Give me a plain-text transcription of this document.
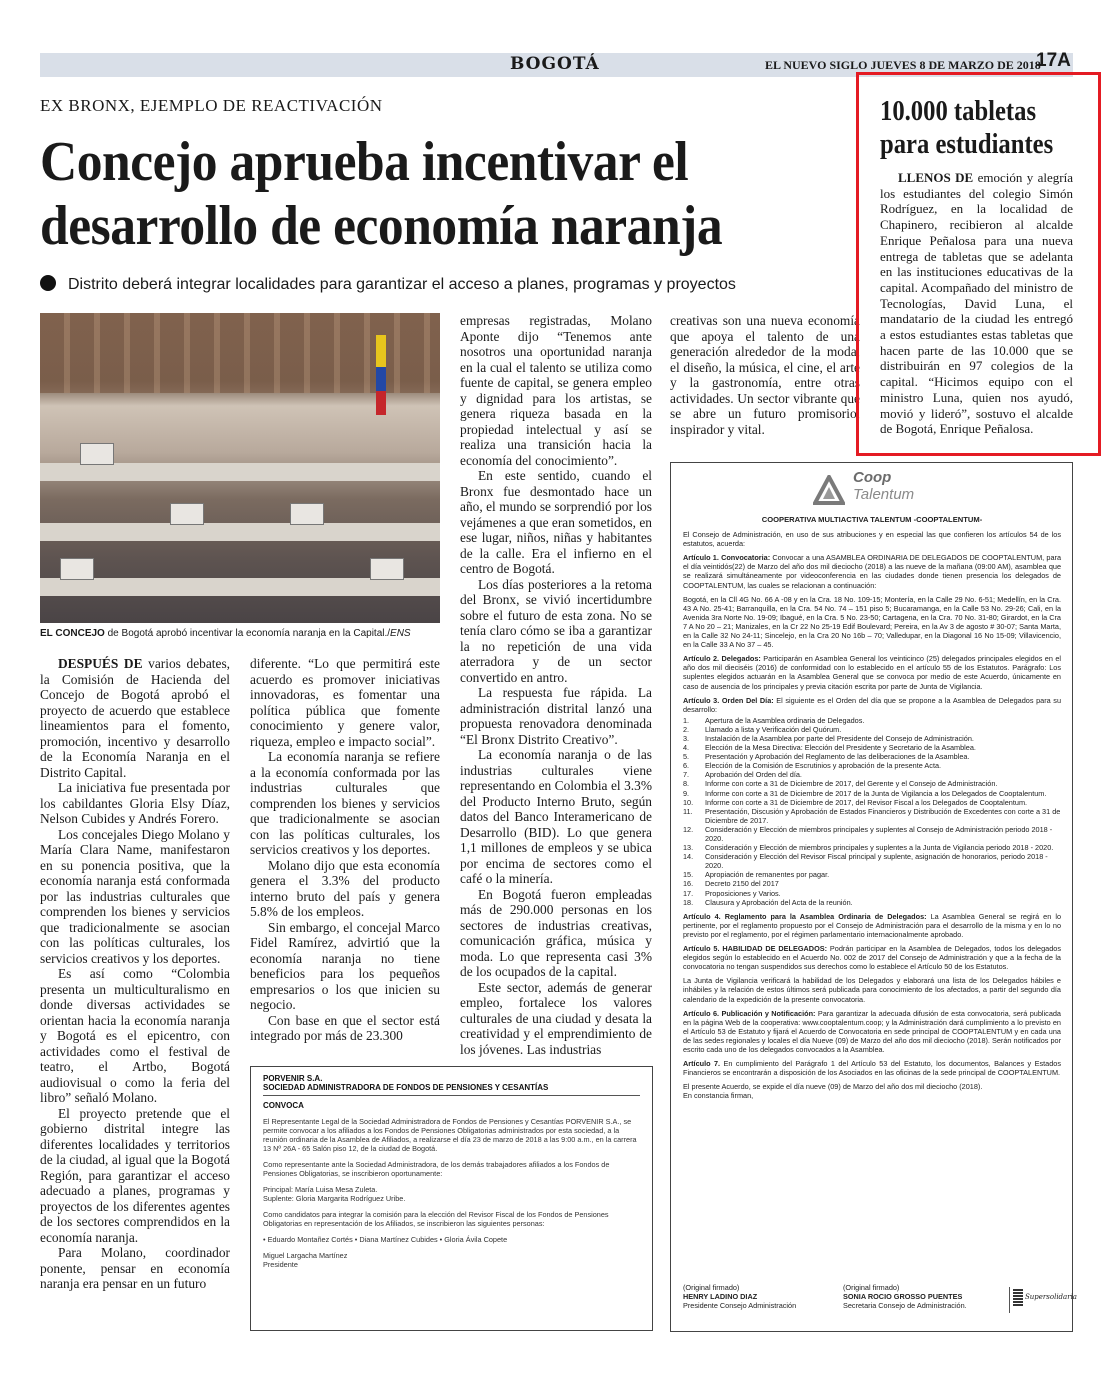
BOGOTÁ	EL NUEVO SIGLO JUEVES 8 DE MARZO DE 2018
17A
EX BRONX, EJEMPLO DE REACTIVACIÓN
Concejo aprueba incentivar el desarrollo de economía naranja
Distrito deberá integrar localidades para garantizar el acceso a planes, programas y proyectos
EL CONCEJO de Bogotá aprobó incentivar la economía naranja en la Capital./ENS

DESPUÉS DE varios debates, la Comisión de Hacienda del Concejo de Bogotá aprobó el proyecto de acuerdo que establece lineamientos para el fomento, promoción, incentivo y desarrollo de la Economía Naranja en el Distrito Capital.

La iniciativa fue presentada por los cabildantes Gloria Elsy Díaz, Nelson Cubides y Andrés Forero.

Los concejales Diego Molano y María Clara Name, manifestaron en su ponencia positiva, que la economía naranja está conformada por las industrias culturales que comprenden los bienes y servicios que tradicionalmente se asocian con las políticas culturales, los servicios creativos y los deportes.

Es así como “Colombia presenta un multiculturalismo en donde diversas actividades se orientan hacia la economía naranja y Bogotá es el epicentro, con actividades como el festival de teatro, el Artbo, Bogotá audiovisual o como la feria del libro” señaló Molano.

El proyecto pretende que el gobierno distrital integre las diferentes localidades y territorios de la ciudad, al igual que la Bogotá Región, para garantizar el acceso adecuado a planes, programas y proyectos de los diferentes agentes de los sectores comprendidos en la economía naranja.

Para Molano, coordinador ponente, pensar en economía naranja era pensar en un futuro

diferente. “Lo que permitirá este acuerdo es promover iniciativas innovadoras, es fomentar una política pública que fomente conocimiento y genere valor, riqueza, empleo e impacto social”.

La economía naranja se refiere a la economía conformada por las industrias culturales que comprenden los bienes y servicios que tradicionalmente se asocian con las políticas culturales, los servicios creativos y los deportes.

Molano dijo que esta economía genera el 3.3% del producto interno bruto del país y genera 5.8% de los empleos.

Sin embargo, el concejal Marco Fidel Ramírez, advirtió que la economía naranja no tiene beneficios para los pequeños empresarios o los que inicien su negocio.

Con base en que el sector está integrado por más de 23.300

empresas registradas, Molano Aponte dijo “Tenemos ante nosotros una oportunidad naranja en la cual el talento se utiliza como fuente de capital, se genera empleo y dignidad para los artistas, se genera riqueza basada en la propiedad intelectual y así se realiza una transición hacia la economía del conocimiento”.

En este sentido, cuando el Bronx fue desmontado hace un año, el mundo se sorprendió por los vejámenes a que eran sometidos, en ese lugar, niños, niñas y habitantes de la calle. Era el infierno en el centro de Bogotá.

Los días posteriores a la retoma del Bronx, se vivió incertidumbre sobre el futuro de esta zona. No se tenía claro cómo se iba a garantizar la no repetición de una vida aterradora y de un sector convertido en antro.

La respuesta fue rápida. La administración distrital lanzó una propuesta renovadora denominada “El Bronx Distrito Creativo”.

La economía naranja o de las industrias culturales viene representando en Colombia el 3.3% del Producto Interno Bruto, según datos del Banco Interamericano de Desarrollo (BID). Lo que genera 1,1 millones de empleos y se ubica por encima de sectores como el café o la minería.

En Bogotá fueron empleadas más de 290.000 personas en los sectores de industrias creativas, comunicación gráfica, música y moda. Lo que representa casi 3% de los ocupados de la capital.

Este sector, además de generar empleo, fortalece los valores culturales de una ciudad y desata la creatividad y el emprendimiento de los jóvenes. Las industrias

creativas son una nueva economía que apoya el talento de una generación alrededor de la moda, el diseño, la música, el cine, el arte y la gastronomía, entre otras actividades. Un sector vibrante que se abre un futuro promisorio, inspirador y vital.

10.000 tabletas para estudiantes

LLENOS DE emoción y alegría los estudiantes del colegio Simón Rodríguez, en la localidad de Chapinero, recibieron al alcalde Enrique Peñalosa para una nueva entrega de tabletas que se adelanta en las instituciones educativas de la capital. Acompañado del ministro de Tecnologías, David Luna, el mandatario de la ciudad les entregó a estos estudiantes estas tabletas que hacen parte de las 10.000 que se distribuirán en 97 colegios de la capital. “Hicimos equipo con el ministro Luna, quien nos ayudó, movió y lideró”, sostuvo el alcalde de Bogotá, Enrique Peñalosa.

PORVENIR S.A.
SOCIEDAD ADMINISTRADORA DE FONDOS DE PENSIONES Y CESANTÍAS

CONVOCA

El Representante Legal de la Sociedad Administradora de Fondos de Pensiones y Cesantías PORVENIR S.A., se permite convocar a los afiliados a los Fondos de Pensiones Obligatorias administrados por esta sociedad, a la reunión ordinaria de la Asamblea de Afiliados, a realizarse el día 23 de marzo de 2018 a las 9:00 a.m., en la carrera 13 Nº 26A - 65 Salón piso 12, de la ciudad de Bogotá.

Como representante ante la Sociedad Administradora, de los demás trabajadores afiliados a los Fondos de Pensiones Obligatorias, se inscribieron oportunamente:

Principal: María Luisa Mesa Zuleta.
Suplente: Gloria Margarita Rodríguez Uribe.

Como candidatos para integrar la comisión para la elección del Revisor Fiscal de los Fondos de Pensiones Obligatorias en representación de los Afiliados, se inscribieron las siguientes personas:

• Eduardo Montañez Cortés • Diana Martínez Cubides • Gloria Ávila Copete

Miguel Largacha Martínez
Presidente

Coop
Talentum
COOPERATIVA MULTIACTIVA TALENTUM -COOPTALENTUM-

El Consejo de Administración, en uso de sus atribuciones y en especial las que confieren los artículos 54 de los estatutos, acuerda:

Artículo 1. Convocatoria: Convocar a una ASAMBLEA ORDINARIA DE DELEGADOS DE COOPTALENTUM, para el día veintidós(22) de Marzo del año dos mil dieciocho (2018) a las nueve de la mañana (09:00 AM), asamblea que se realizará simultáneamente por videoconferencia en las ciudades donde tienen presencia los delegados de COOPTALENTUM, las cuales se relacionan a continuación:

Bogotá, en la Cll 4G No. 66 A -08 y en la Cra. 18 No. 109-15; Montería, en la Calle 29 No. 6-51; Medellín, en la Cra. 43 A No. 25-41; Barranquilla, en la Cra. 54 No. 74 – 151 piso 5; Bucaramanga, en la Calle 53 No. 29-26; Cali, en la Avenida 3ra Norte No. 19-09; Ibagué, en la Cra. 5 No. 23-50; Cartagena, en la Cra. 70 No. 31-80; Girardot, en la Cra 7 A No 20 – 21; Manizales, en la Cr 22 No 25-19 Edif Boulevard; Pereira, en la Av 3 de agosto # 30-07; Santa Marta, en la Calle 32 No 24-11; Sincelejo, en la Cra 20 No 16b – 70; Valledupar, en la Diagonal 16 No 15-09; Villavicencio, en la Calle 33 A No 37 – 45.

Artículo 2. Delegados: Participarán en Asamblea General los veinticinco (25) delegados principales elegidos en el año dos mil dieciséis (2016) de conformidad con lo establecido en el artículo 55 de los Estatutos. Parágrafo: Los suplentes elegidos actuarán en la Asamblea General que se convoca por medio de este Acuerdo, únicamente en caso de ausencia de los principales y previa citación escrita por parte de Junta de Vigilancia.

Artículo 3. Orden Del Día: El siguiente es el Orden del día que se propone a la Asamblea de Delegados para su desarrollo:

1. Apertura de la Asamblea ordinaria de Delegados.
2. Llamado a lista y Verificación del Quórum.
3. Instalación de la Asamblea por parte del Presidente del Consejo de Administración.
4. Elección de la Mesa Directiva: Elección del Presidente y Secretario de la Asamblea.
5. Presentación y Aprobación del Reglamento de las deliberaciones de la Asamblea.
6. Elección de la Comisión de Escrutinios y aprobación de la presente Acta.
7. Aprobación del Orden del día.
8. Informe con corte a 31 de Diciembre de 2017, del Gerente y el Consejo de Administración.
9. Informe con corte a 31 de Diciembre de 2017 de la Junta de Vigilancia a los Delegados de Cooptalentum.
10. Informe con corte a 31 de Diciembre de 2017, del Revisor Fiscal a los Delegados de Cooptalentum.
11. Presentación, Discusión y Aprobación de Estados Financieros y Distribución de Excedentes con corte a 31 de Diciembre de 2017.
12. Consideración y Elección de miembros principales y suplentes al Consejo de Administración periodo 2018 - 2020.
13. Consideración y Elección de miembros principales y suplentes a la Junta de Vigilancia periodo 2018 - 2020.
14. Consideración y Elección del Revisor Fiscal principal y suplente, asignación de honorarios, periodo 2018 - 2020.
15. Apropiación de remanentes por pagar.
16. Decreto 2150 del 2017
17. Proposiciones y Varios.
18. Clausura y Aprobación del Acta de la reunión.

Artículo 4. Reglamento para la Asamblea Ordinaria de Delegados: La Asamblea General se regirá en lo pertinente, por el reglamento propuesto por el Consejo de Administración para el desarrollo de la misma y en lo no previsto por el reglamento, por el régimen parlamentario internacionalmente aprobado.

Artículo 5. HABILIDAD DE DELEGADOS: Podrán participar en la Asamblea de Delegados, todos los delegados elegidos según lo establecido en el Acuerdo No. 002 de 2017 del Consejo de Administración y que a la fecha de la convocatoria no tengan suspendidos sus derechos como lo establece el Artículo 50 de los Estatutos.

La Junta de Vigilancia verificará la habilidad de los Delegados y elaborará una lista de los Delegados hábiles e inhábiles y la relación de estos últimos será publicada para conocimiento de los afectados, a partir del segundo día calendario de la expedición de la presente convocatoria.

Artículo 6. Publicación y Notificación: Para garantizar la adecuada difusión de esta convocatoria, será publicada en la página Web de la cooperativa: www.cooptalentum.coop; y la Administración dará cumplimiento a lo previsto en el Artículo 53 de Estatuto y fijará el Acuerdo de Convocatoria en sede principal de COOPTALENTUM y en cada una de las sedes regionales y locales el día Nueve (09) de Marzo del año dos mil dieciocho (2018). Serán notificados por escrito cada uno de los delegados convocados a la Asamblea.

Artículo 7. En cumplimiento del Parágrafo 1 del Artículo 53 del Estatuto, los documentos, Balances y Estados Financieros se encontrarán a disposición de los Asociados en las oficinas de la sede principal de COOPTALENTUM.

El presente Acuerdo, se expide el día nueve (09) de Marzo del año dos mil dieciocho (2018).

En constancia firman,

(Original firmado)
HENRY LADINO DIAZ
Presidente Consejo Administración
(Original firmado)
SONIA ROCIO GROSSO PUENTES
Secretaria Consejo de Administración.
Supersolidaria
